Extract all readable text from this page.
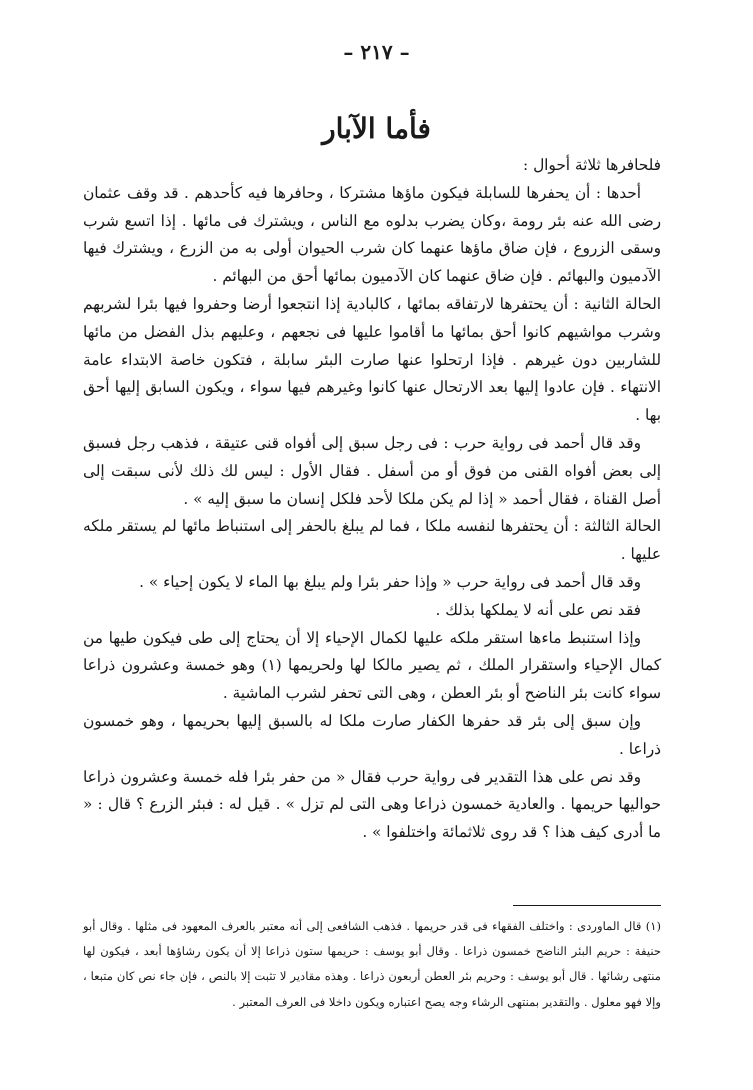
– ٢١٧ –
فأما الآبار

فلحافرها ثلاثة أحوال :

أحدها : أن يحفرها للسابلة فيكون ماؤها مشتركا ، وحافرها فيه كأحدهم . قد وقف عثمان رضى الله عنه بئر رومة ،وكان يضرب بدلوه مع الناس ، ويشترك فى مائها . إذا اتسع شرب وسقى الزروع ، فإن ضاق ماؤها عنهما كان شرب الحيوان أولى به من الزرع ، ويشترك فيها الآدميون والبهائم . فإن ضاق عنهما كان الآدميون بمائها أحق من البهائم .

الحالة الثانية : أن يحتفرها لارتفاقه بمائها ، كالبادية إذا انتجعوا أرضا وحفروا فيها بئرا لشربهم وشرب مواشيهم كانوا أحق بمائها ما أقاموا عليها فى نجعهم ، وعليهم بذل الفضل من مائها للشاربين دون غيرهم . فإذا ارتحلوا عنها صارت البئر سابلة ، فتكون خاصة الابتداء عامة الانتهاء . فإن عادوا إليها بعد الارتحال عنها كانوا وغيرهم فيها سواء ، ويكون السابق إليها أحق بها .

وقد قال أحمد فى رواية حرب : فى رجل سبق إلى أفواه قنى عتيقة ، فذهب رجل فسبق إلى بعض أفواه القنى من فوق أو من أسفل . فقال الأول : ليس لك ذلك لأنى سبقت إلى أصل القناة ، فقال أحمد « إذا لم يكن ملكا لأحد فلكل إنسان ما سبق إليه » .

الحالة الثالثة : أن يحتفرها لنفسه ملكا ، فما لم يبلغ بالحفر إلى استنباط مائها لم يستقر ملكه عليها .

وقد قال أحمد فى رواية حرب « وإذا حفر بئرا ولم يبلغ بها الماء لا يكون إحياء » .

فقد نص على أنه لا يملكها بذلك .

وإذا استنبط ماءها استقر ملكه عليها لكمال الإحياء إلا أن يحتاج إلى طى فيكون طيها من كمال الإحياء واستقرار الملك ، ثم يصير مالكا لها ولحريمها (١) وهو خمسة وعشرون ذراعا سواء كانت بئر الناضح أو بئر العطن ، وهى التى تحفر لشرب الماشية .

وإن سبق إلى بئر قد حفرها الكفار صارت ملكا له بالسبق إليها بحريمها ، وهو خمسون ذراعا .

وقد نص على هذا التقدير فى رواية حرب فقال « من حفر بئرا فله خمسة وعشرون ذراعا حواليها حريمها . والعادية خمسون ذراعا وهى التى لم تزل » . قيل له : فبئر الزرع ؟ قال : « ما أدرى كيف هذا ؟ قد روى ثلاثمائة واختلفوا » .

(١) قال الماوردى : واختلف الفقهاء فى قدر حريمها . فذهب الشافعى إلى أنه معتبر بالعرف المعهود فى مثلها . وقال أبو حنيفة : حريم البئر الناضح خمسون ذراعا . وقال أبو يوسف : حريمها ستون ذراعا إلا أن يكون رشاؤها أبعد ، فيكون لها منتهى رشائها . قال أبو يوسف : وحريم بئر العطن أربعون ذراعا . وهذه مقادير لا تثبت إلا بالنص ، فإن جاء نص كان متبعا ، وإلا فهو معلول . والتقدير بمنتهى الرشاء وجه يصح اعتباره ويكون داخلا فى العرف المعتبر .
